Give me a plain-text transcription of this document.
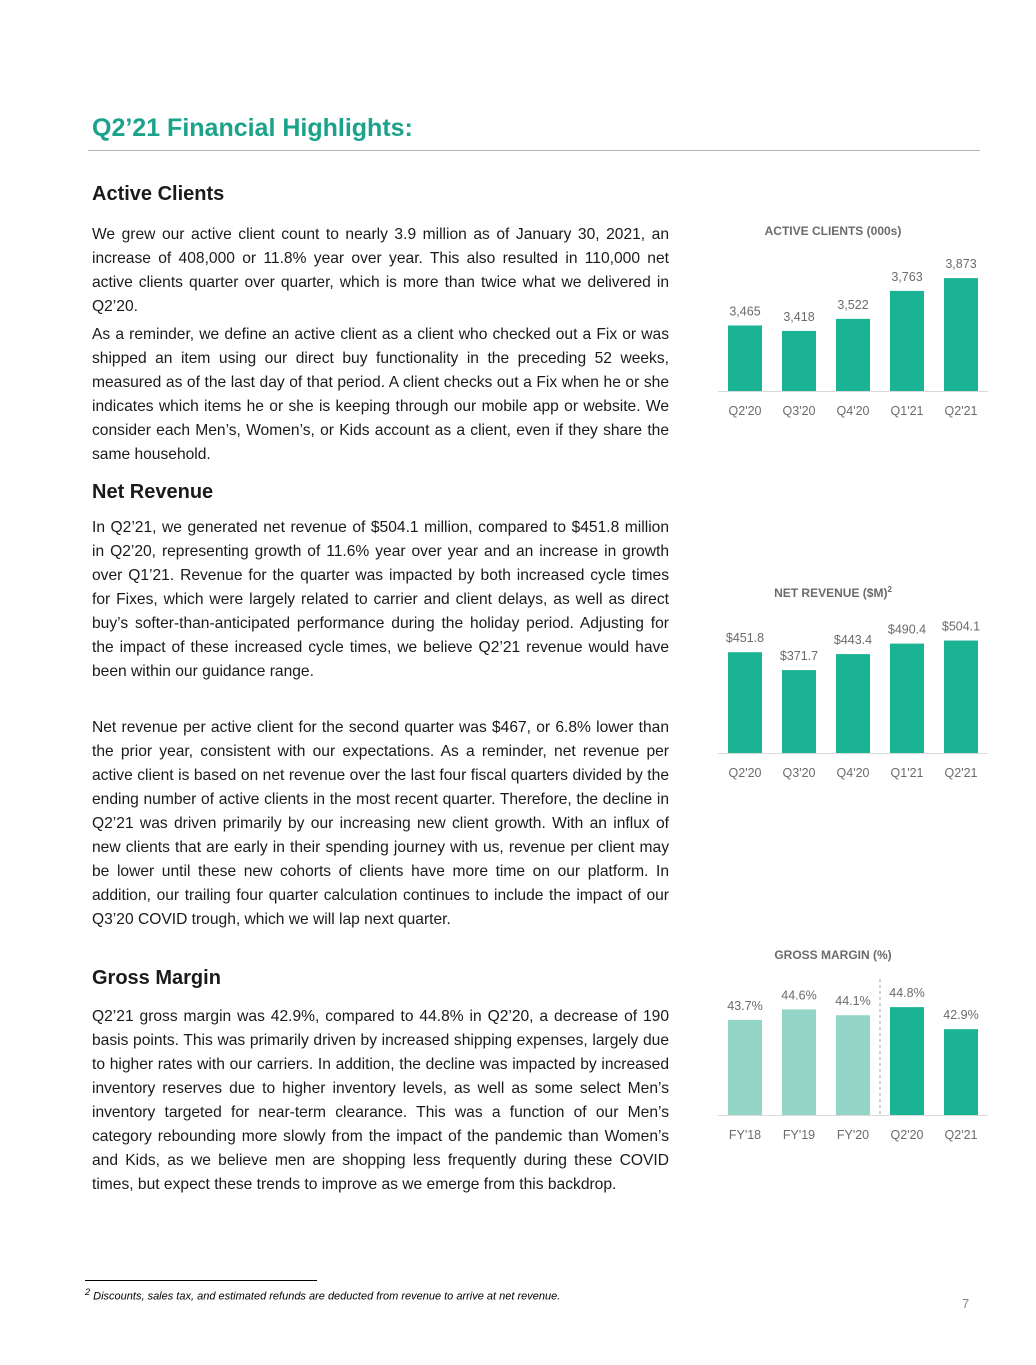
Q2’21 Financial Highlights:
Active Clients

We grew our active client count to nearly 3.9 million as of January 30, 2021, an increase of 408,000 or 11.8% year over year. This also resulted in 110,000 net active clients quarter over quarter, which is more than twice what we delivered in Q2’20.

As a reminder, we define an active client as a client who checked out a Fix or was shipped an item using our direct buy functionality in the preceding 52 weeks, measured as of the last day of that period. A client checks out a Fix when he or she indicates which items he or she is keeping through our mobile app or website. We consider each Men’s, Women’s, or Kids account as a client, even if they share the same household.

Net Revenue

In Q2’21, we generated net revenue of $504.1 million, compared to $451.8 million in Q2’20, representing growth of 11.6% year over year and an increase in growth over Q1’21. Revenue for the quarter was impacted by both increased cycle times for Fixes, which were largely related to carrier and client delays, as well as direct buy’s softer-than-anticipated performance during the holiday period. Adjusting for the impact of these increased cycle times, we believe Q2’21 revenue would have been within our guidance range.

Net revenue per active client for the second quarter was $467, or 6.8% lower than the prior year, consistent with our expectations. As a reminder, net revenue per active client is based on net revenue over the last four fiscal quarters divided by the ending number of active clients in the most recent quarter. Therefore, the decline in Q2’21 was driven primarily by our increasing new client growth. With an influx of new clients that are early in their spending journey with us, revenue per client may be lower until these new cohorts of clients have more time on our platform. In addition, our trailing four quarter calculation continues to include the impact of our Q3’20 COVID trough, which we will lap next quarter.

Gross Margin

Q2’21 gross margin was 42.9%, compared to 44.8% in Q2’20, a decrease of 190 basis points. This was primarily driven by increased shipping expenses, largely due to higher rates with our carriers. In addition, the decline was impacted by increased inventory reserves due to higher inventory levels, as well as some select Men’s inventory targeted for near-term clearance. This was a function of our Men’s category rebounding more slowly from the impact of the pandemic than Women’s and Kids, as we believe men are shopping less frequently during these COVID times, but expect these trends to improve as we emerge from this backdrop.

ACTIVE CLIENTS (000s)
3,465
Q2'20
3,418
Q3'20
3,522
Q4'20
3,763
Q1'21
3,873
Q2'21
NET REVENUE ($M)$^2$
$451.8
Q2'20
$371.7
Q3'20
$443.4
Q4'20
$490.4
Q1'21
$504.1
Q2'21
GROSS MARGIN (%)
43.7%
FY'18
44.6%
FY'19
44.1%
FY'20
44.8%
Q2'20
42.9%
Q2'21

$^2$ Discounts, sales tax, and estimated refunds are deducted from revenue to arrive at net revenue.	7
